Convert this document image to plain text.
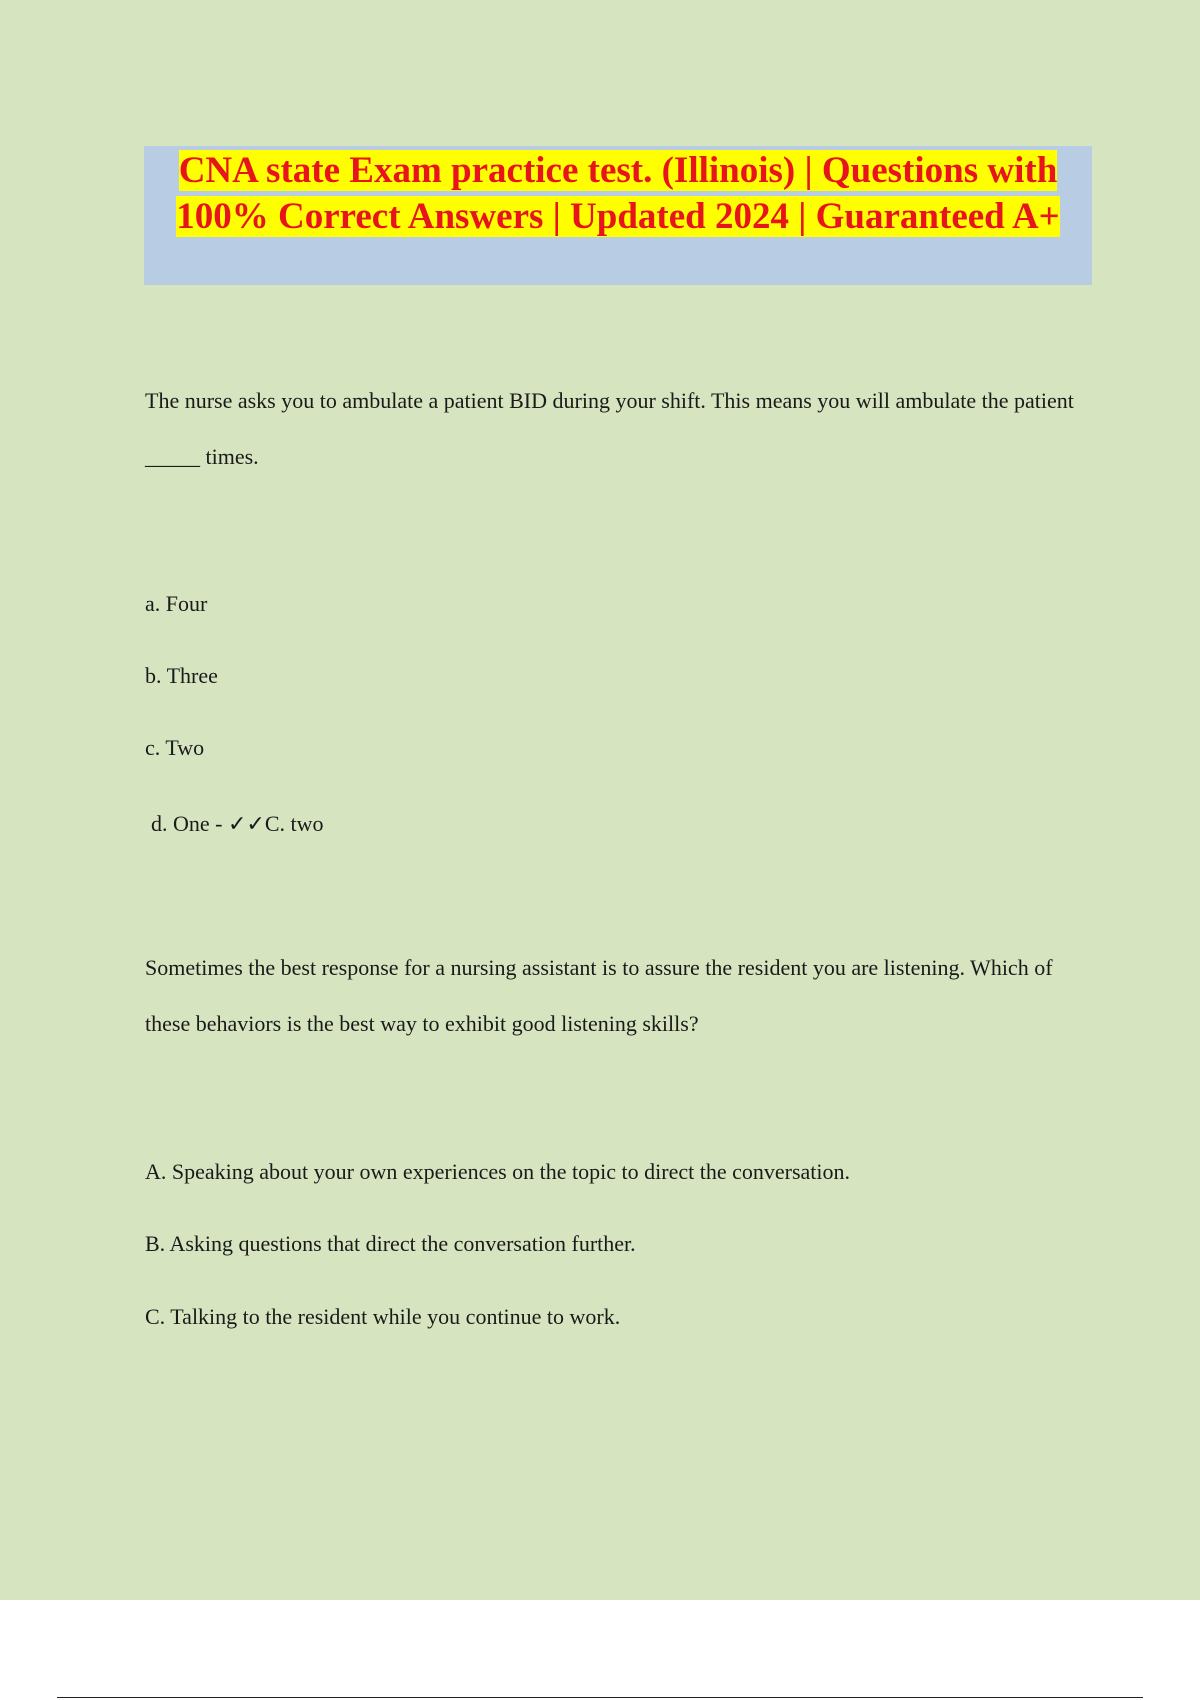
CNA state Exam practice test. (Illinois) | Questions with 100% Correct Answers | Updated 2024 | Guaranteed A+

The nurse asks you to ambulate a patient BID during your shift. This means you will ambulate the patient _____ times.

a. Four

b. Three

c. Two

d. One - ✓✓C. two

Sometimes the best response for a nursing assistant is to assure the resident you are listening. Which of these behaviors is the best way to exhibit good listening skills?

A. Speaking about your own experiences on the topic to direct the conversation.

B. Asking questions that direct the conversation further.

C. Talking to the resident while you continue to work.
